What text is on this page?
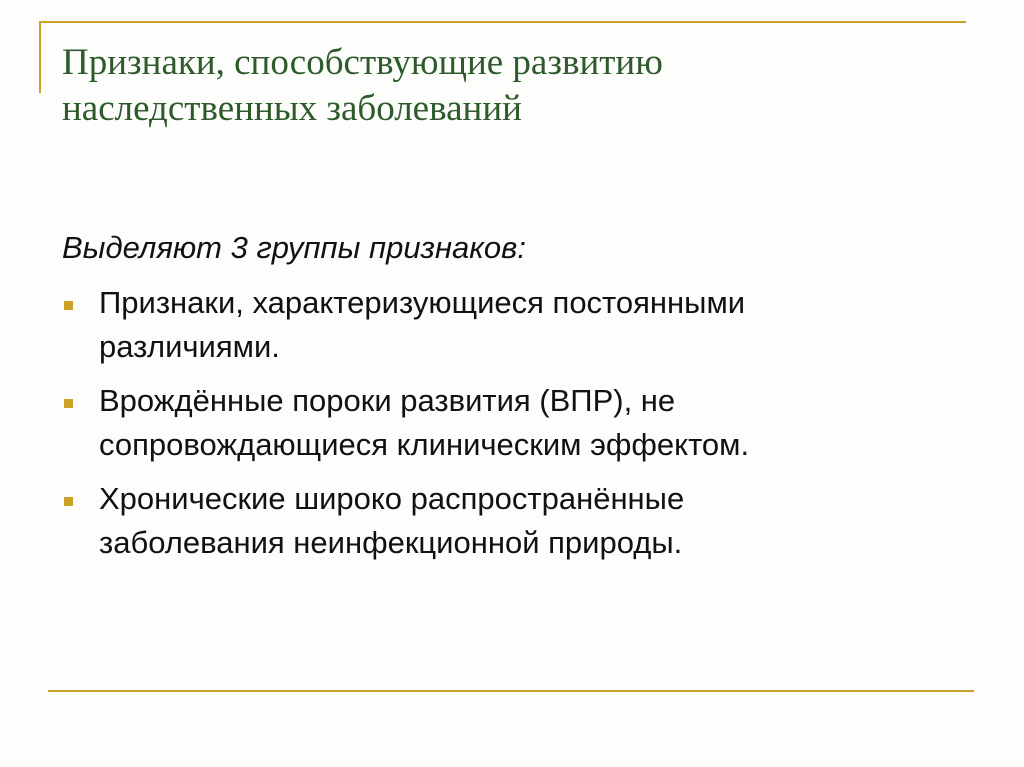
Признаки, способствующие развитию
наследственных заболеваний

Выделяют 3 группы признаков:

Признаки, характеризующиеся постоянными
различиями.
Врождённые пороки развития (ВПР), не
сопровождающиеся клиническим эффектом.
Хронические широко распространённые
заболевания неинфекционной природы.
